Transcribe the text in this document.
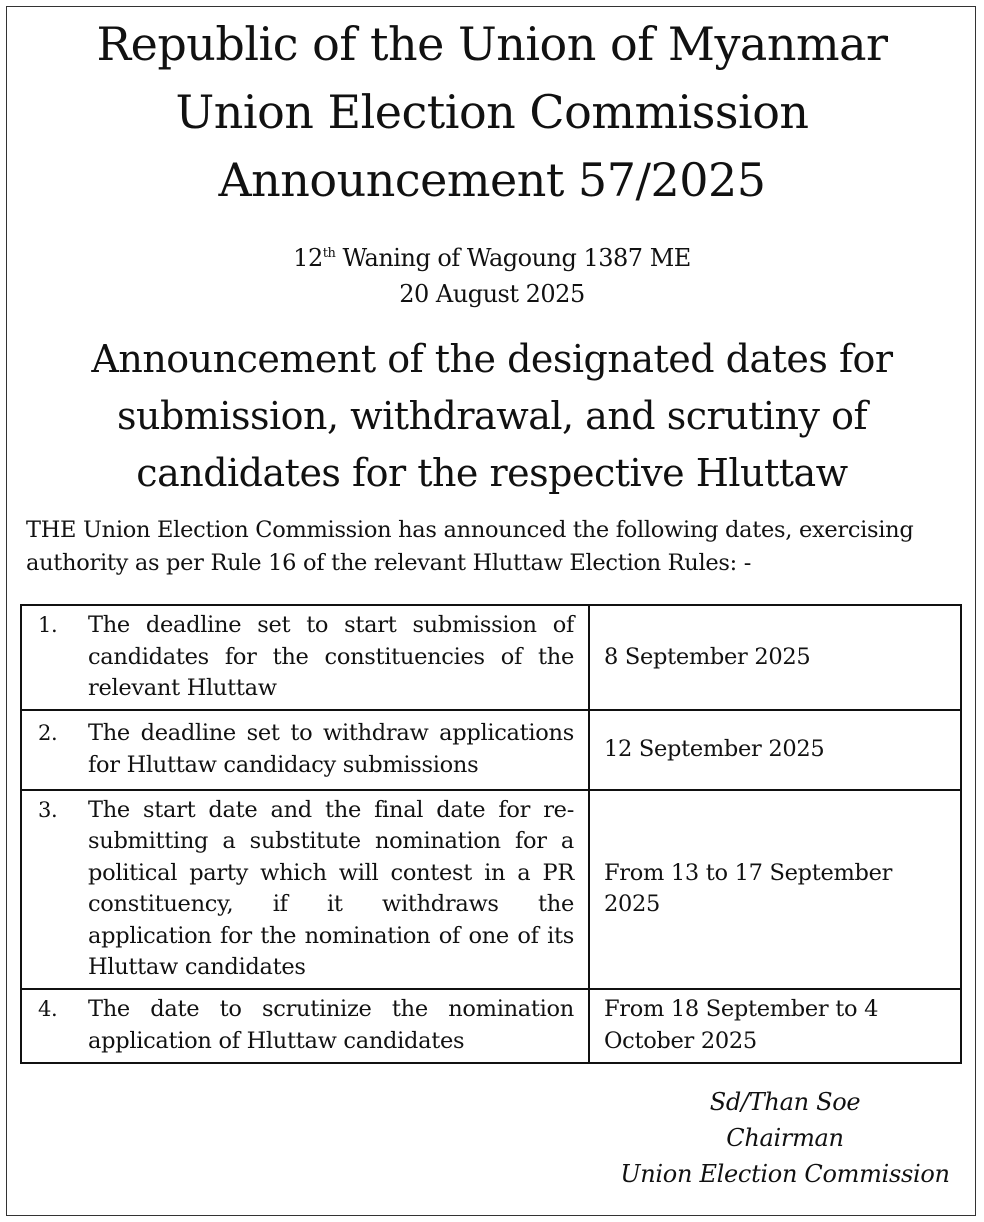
Republic of the Union of Myanmar
Union Election Commission
Announcement 57/2025
12th Waning of Wagoung 1387 ME
20 August 2025
Announcement of the designated dates for
submission, withdrawal, and scrutiny of
candidates for the respective Hluttaw
THE Union Election Commission has announced the following dates, exercising
authority as per Rule 16 of the relevant Hluttaw Election Rules: -
1. The deadline set to start submission of candidates for the constituencies of the relevant Hluttaw	8 September 2025

2. The deadline set to withdraw applications for Hluttaw candidacy submissions	12 September 2025

3. The start date and the final date for re-submitting a substitute nomination for a political party which will contest in a PR constituency, if it withdraws the application for the nomination of one of its Hluttaw candidates	From 13 to 17 September 2025

4. The date to scrutinize the nomination application of Hluttaw candidates	From 18 September to 4 October 2025
Sd/Than Soe
Chairman
Union Election Commission
